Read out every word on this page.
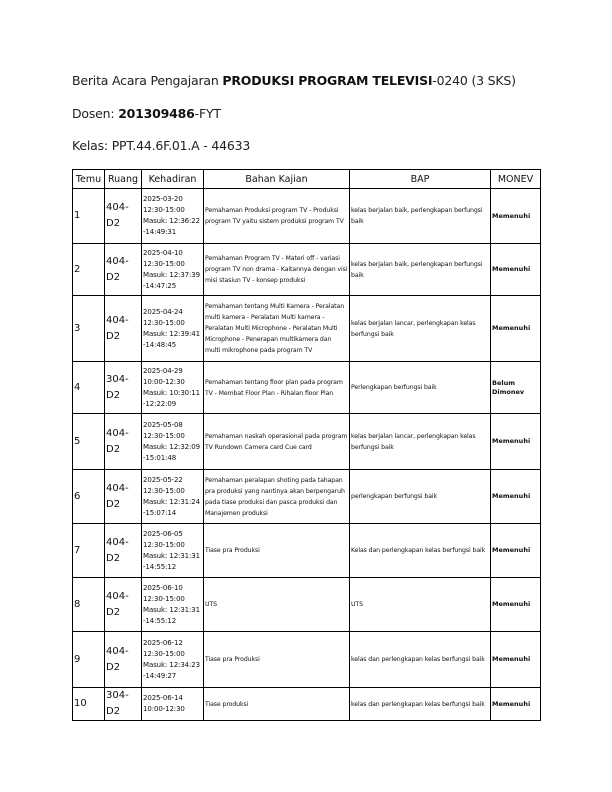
Berita Acara Pengajaran PRODUKSI PROGRAM TELEVISI-0240 (3 SKS)
Dosen: 201309486-FYT
Kelas: PPT.44.6F.01.A - 44633
Temu	Ruang	Kehadiran	Bahan Kajian	BAP	MONEV
1	404-D2	2025-03-20
12:30-15:00
Masuk: 12:36:22
-14:49:31	Pemahaman Produksi program TV - Produksi program TV yaitu sistem produksi program TV	kelas berjalan baik, perlengkapan berfungsi baik	Memenuhi
2	404-D2	2025-04-10
12:30-15:00
Masuk: 12:37:39
-14:47:25	Pemahaman Program TV - Materi off - variasi program TV non drama - Kaitannya dengan visi misi stasiun TV - konsep produksi	kelas berjalan baik, perlengkapan berfungsi baik	Memenuhi
3	404-D2	2025-04-24
12:30-15:00
Masuk: 12:39:41
-14:48:45	Pemahaman tentang Multi Kamera - Peralatan multi kamera - Peralatan Multi kamera - Peralatan Multi Microphone - Peralatan Multi Microphone - Penerapan multikamera dan multi mikrophone pada program TV	kelas berjalan lancar, perlengkapan kelas berfungsi baik	Memenuhi
4	304-D2	2025-04-29
10:00-12:30
Masuk: 10:30:11
-12:22:09	Pemahaman tentang floor plan pada program TV - Membat Floor Plan - Rihalan floor Plan	Perlengkapan berfungsi baik	Belum Dimonev
5	404-D2	2025-05-08
12:30-15:00
Masuk: 12:32:09
-15:01:48	Pemahaman naskah operasional pada program TV Rundown Camera card Cue card	kelas berjalan lancar, perlengkapan kelas berfungsi baik	Memenuhi
6	404-D2	2025-05-22
12:30-15:00
Masuk: 12:31:24
-15:07:14	Pemahaman peralapan shoting pada tahapan pra produksi yang nantinya akan berpengaruh pada tiase produksi dan pasca produksi dan Manajemen produksi	perlengkapan berfungsi baik	Memenuhi
7	404-D2	2025-06-05
12:30-15:00
Masuk: 12:31:31
-14:55:12	Tiase pra Produksi	Kelas dan perlengkapan kelas berfungsi baik	Memenuhi
8	404-D2	2025-06-10
12:30-15:00
Masuk: 12:31:31
-14:55:12	UTS	UTS	Memenuhi
9	404-D2	2025-06-12
12:30-15:00
Masuk: 12:34:23
-14:49:27	Tiase pra Produksi	kelas dan perlengkapan kelas berfungsi baik	Memenuhi
10	304-D2	2025-06-14
10:00-12:30	Tiase produksi	kelas dan perlengkapan kelas berfungsi baik	Memenuhi
